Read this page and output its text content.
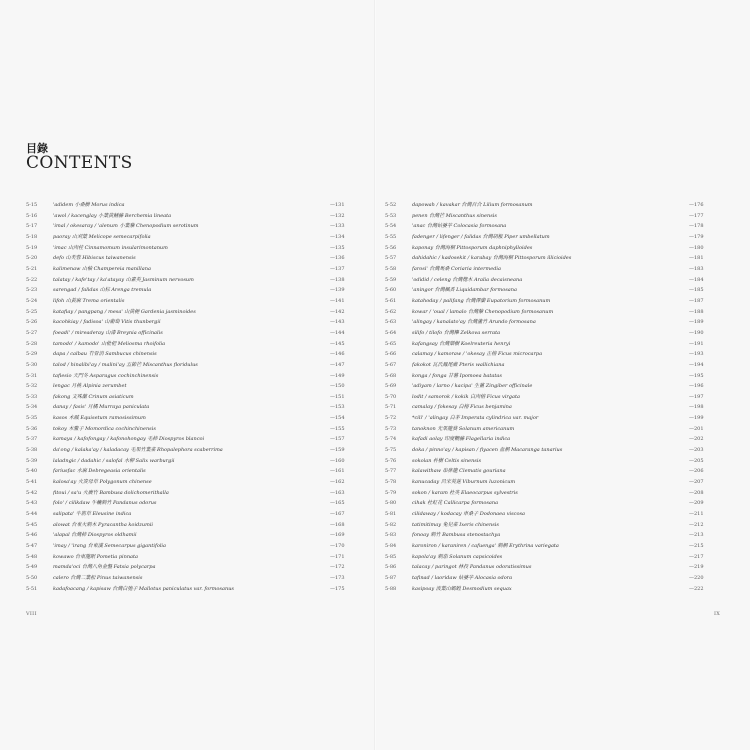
目錄
CONTENTS
5-15	'adidem 小桑樹 Morus indica	—131
5-16	'awol / kacenglay 小葉黃鱔藤 Berchemia lineata	—132
5-17	'imal / okesaray / 'alenum 小葉藜 Chenopodium serotinum	—133
5-18	paoray 山刈葉 Melicope semecarpifolia	—134
5-19	'imac 山肉桂 Cinnamomum insularimontanum	—135
5-20	defo 山芙蓉 Hibiscus taiwanensis	—136
5-21	kalimenaw 山柚 Champereia manillana	—137
5-22	talatay / kafe'tay / ka'atayay 山素英 Jasminum nervosum	—138
5-23	sarengad / falidas 山棕 Arenga tremula	—139
5-24	lifoh 山黃麻 Trema orientalis	—141
5-25	katafiay / pangpang / mesa' 山黃梔 Gardenia jasminoides	—142
5-26	kacohkiay / fadisoa' 山葡萄 Vitis thunbergii	—143
5-27	foeadi' / mireaderay 山漆 Breynia officinalis	—144
5-28	tamodo' / kamodo' 山枇杷 Meliosma rhoifolia	—145
5-29	dapa / calbau 冇骨消 Sambucus chinensis	—146
5-30	talod / hinalibi'ay / malini'ay 五節芒 Miscanthus floridulus	—147
5-31	tafiesio 天門冬 Asparagus cochinchinensis	—149
5-32	lengac 月桃 Alpinia zerumbet	—150
5-33	fakong 文殊蘭 Crinum asiaticum	—151
5-34	danay / fasis' 月橘 Murraya paniculata	—153
5-35	kasos 木賊 Equisetum ramosissimum	—154
5-36	tokoy 木鱉子 Momordica cochinchinensis	—155
5-37	kamaya / kafofongay / kafonohongay 毛柿 Diospyros blancoi	—157
5-38	da'ong / kalaka'ay / kaladacay 毛果竹葉菜 Rhopalephora scaberrima	—159
5-39	laladngic / dadahic / salofal 水柳 Salix warburgii	—160
5-40	fariusfac 水麻 Debregeasia orientalis	—161
5-41	kalosa'ay 火炭母草 Polygonum chinense	—162
5-42	fitoui / sa'u 火廣竹 Bambusa dolichomerithalla	—163
5-43	folo' / cilikdaw 牛轆刺竹 Pandanus odorus	—165
5-44	salipata' 牛筋草 Eleusine indica	—167
5-45	alowat 台東火刺木 Pyracantha koidzumii	—168
5-46	'alapal 台灣柿 Diospyros oldhamii	—169
5-47	'imay / 'irang 台東漢 Semecarpus gigantifolia	—170
5-48	kowawo 台東龍眼 Pometia pinnata	—171
5-49	mamda'oci 台灣八角金盤 Fatsia polycarpa	—172
5-50	calero 台灣二葉松 Pinus taiwanensis	—173
5-51	kadafoacang / kapisaw 台灣白匏子 Mallotus paniculatus var. formosanus	—175
VIII
5-52	dapowah / kavakar 台灣百合 Lilium formosanum	—176
5-53	penen 台灣芒 Miscanthus sinensis	—177
5-54	'anac 台灣姑婆芋 Colocasia formosana	—178
5-55	fadenger / lifenger / falidas 台灣胡椒 Piper umbellatum	—179
5-56	kaponay 台灣海桐 Pittosporum daphniphylloides	—180
5-57	dahidahic / kadosekit / karabay 台灣海桐 Pittosporum illicioides	—181
5-58	farosi' 台灣馬桑 Coriaria intermedia	—183
5-59	'odidid / celeng 台灣楤木 Aralia decaisneana	—184
5-60	'aningor 台灣楓香 Liquidambar formosana	—185
5-61	katahoday / palifang 台灣澤蘭 Eupatorium formosanum	—187
5-62	kowar / 'oual / lamalo 台灣藜 Chenopodium formosanum	—188
5-63	'alingay / kanalato'ay 台灣蘆竹 Arundo formosana	—189
5-64	silifo / tilofo 台灣櫸 Zelkova serrata	—190
5-65	kafangsay 台灣欒樹 Koelreuteria henryi	—191
5-66	calamay / kamoraw / 'okesay 正榕 Ficus microcarpa	—193
5-67	fakokot 瓦氏鳳尾蕨 Pteris wallichiana	—194
5-68	konga / fonga 甘薯 Ipomoea batatas	—195
5-69	'adiyam / larno / kacipa' 生薑 Zingiber officinale	—196
5-70	lodit / samorok / kokik 白肉榕 Ficus virgata	—197
5-71	camalay / fokesay 白榕 Ficus benjamina	—198
5-72	*cili' / 'alingay 白茅 Imperata cylindrica var. major	—199
5-73	tanoknon 光果龍葵 Solanum americanum	—201
5-74	kafadi aolay 印度鞭藤 Flagellaria indica	—202
5-75	doka / pinno'ay / kapisan / fiyacen 血桐 Macaranga tanarius	—203
5-76	sokolan 朴樹 Celtis sinensis	—205
5-77	kalawithaw 串鼻龍 Clematis gouriana	—206
5-78	kanucaday 呂宋莢蒾 Viburnum luzonicum	—207
5-79	sokon / karam 杜英 Elaeocarpus sylvestris	—208
5-80	cihak 杜虹花 Callicarpa formosana	—209
5-81	cilidaway / kodacay 車桑子 Dodonaea viscosa	—211
5-82	tatimitimay 兔兒菜 Ixeris chinensis	—212
5-83	fonoay 刺竹 Bambusa stenostachya	—213
5-84	karoniron / karaniren / cafuenga' 刺桐 Erythrina variegata	—215
5-85	kapola'ay 刺茄 Solanum capsicoides	—217
5-86	talacay / paringot 林投 Pandanus odoratissimus	—219
5-87	tafinad / laoridaw 姑婆芋 Alocasia odora	—220
5-88	kasipoay 波葉山螞蝗 Desmodium sequax	—222
IX
